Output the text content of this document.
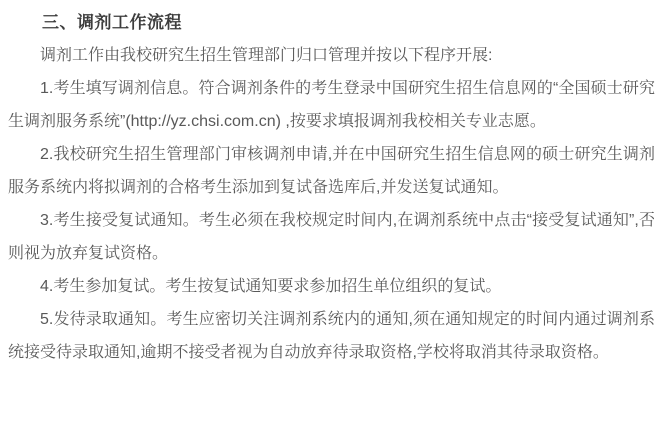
三、调剂工作流程

调剂工作由我校研究生招生管理部门归口管理并按以下程序开展:

1.考生填写调剂信息。符合调剂条件的考生登录中国研究生招生信息网的“全国硕士研究生调剂服务系统”(http://yz.chsi.com.cn) ,按要求填报调剂我校相关专业志愿。

2.我校研究生招生管理部门审核调剂申请,并在中国研究生招生信息网的硕士研究生调剂服务系统内将拟调剂的合格考生添加到复试备选库后,并发送复试通知。

3.考生接受复试通知。考生必须在我校规定时间内,在调剂系统中点击“接受复试通知”,否则视为放弃复试资格。

4.考生参加复试。考生按复试通知要求参加招生单位组织的复试。

5.发待录取通知。考生应密切关注调剂系统内的通知,须在通知规定的时间内通过调剂系统接受待录取通知,逾期不接受者视为自动放弃待录取资格,学校将取消其待录取资格。
